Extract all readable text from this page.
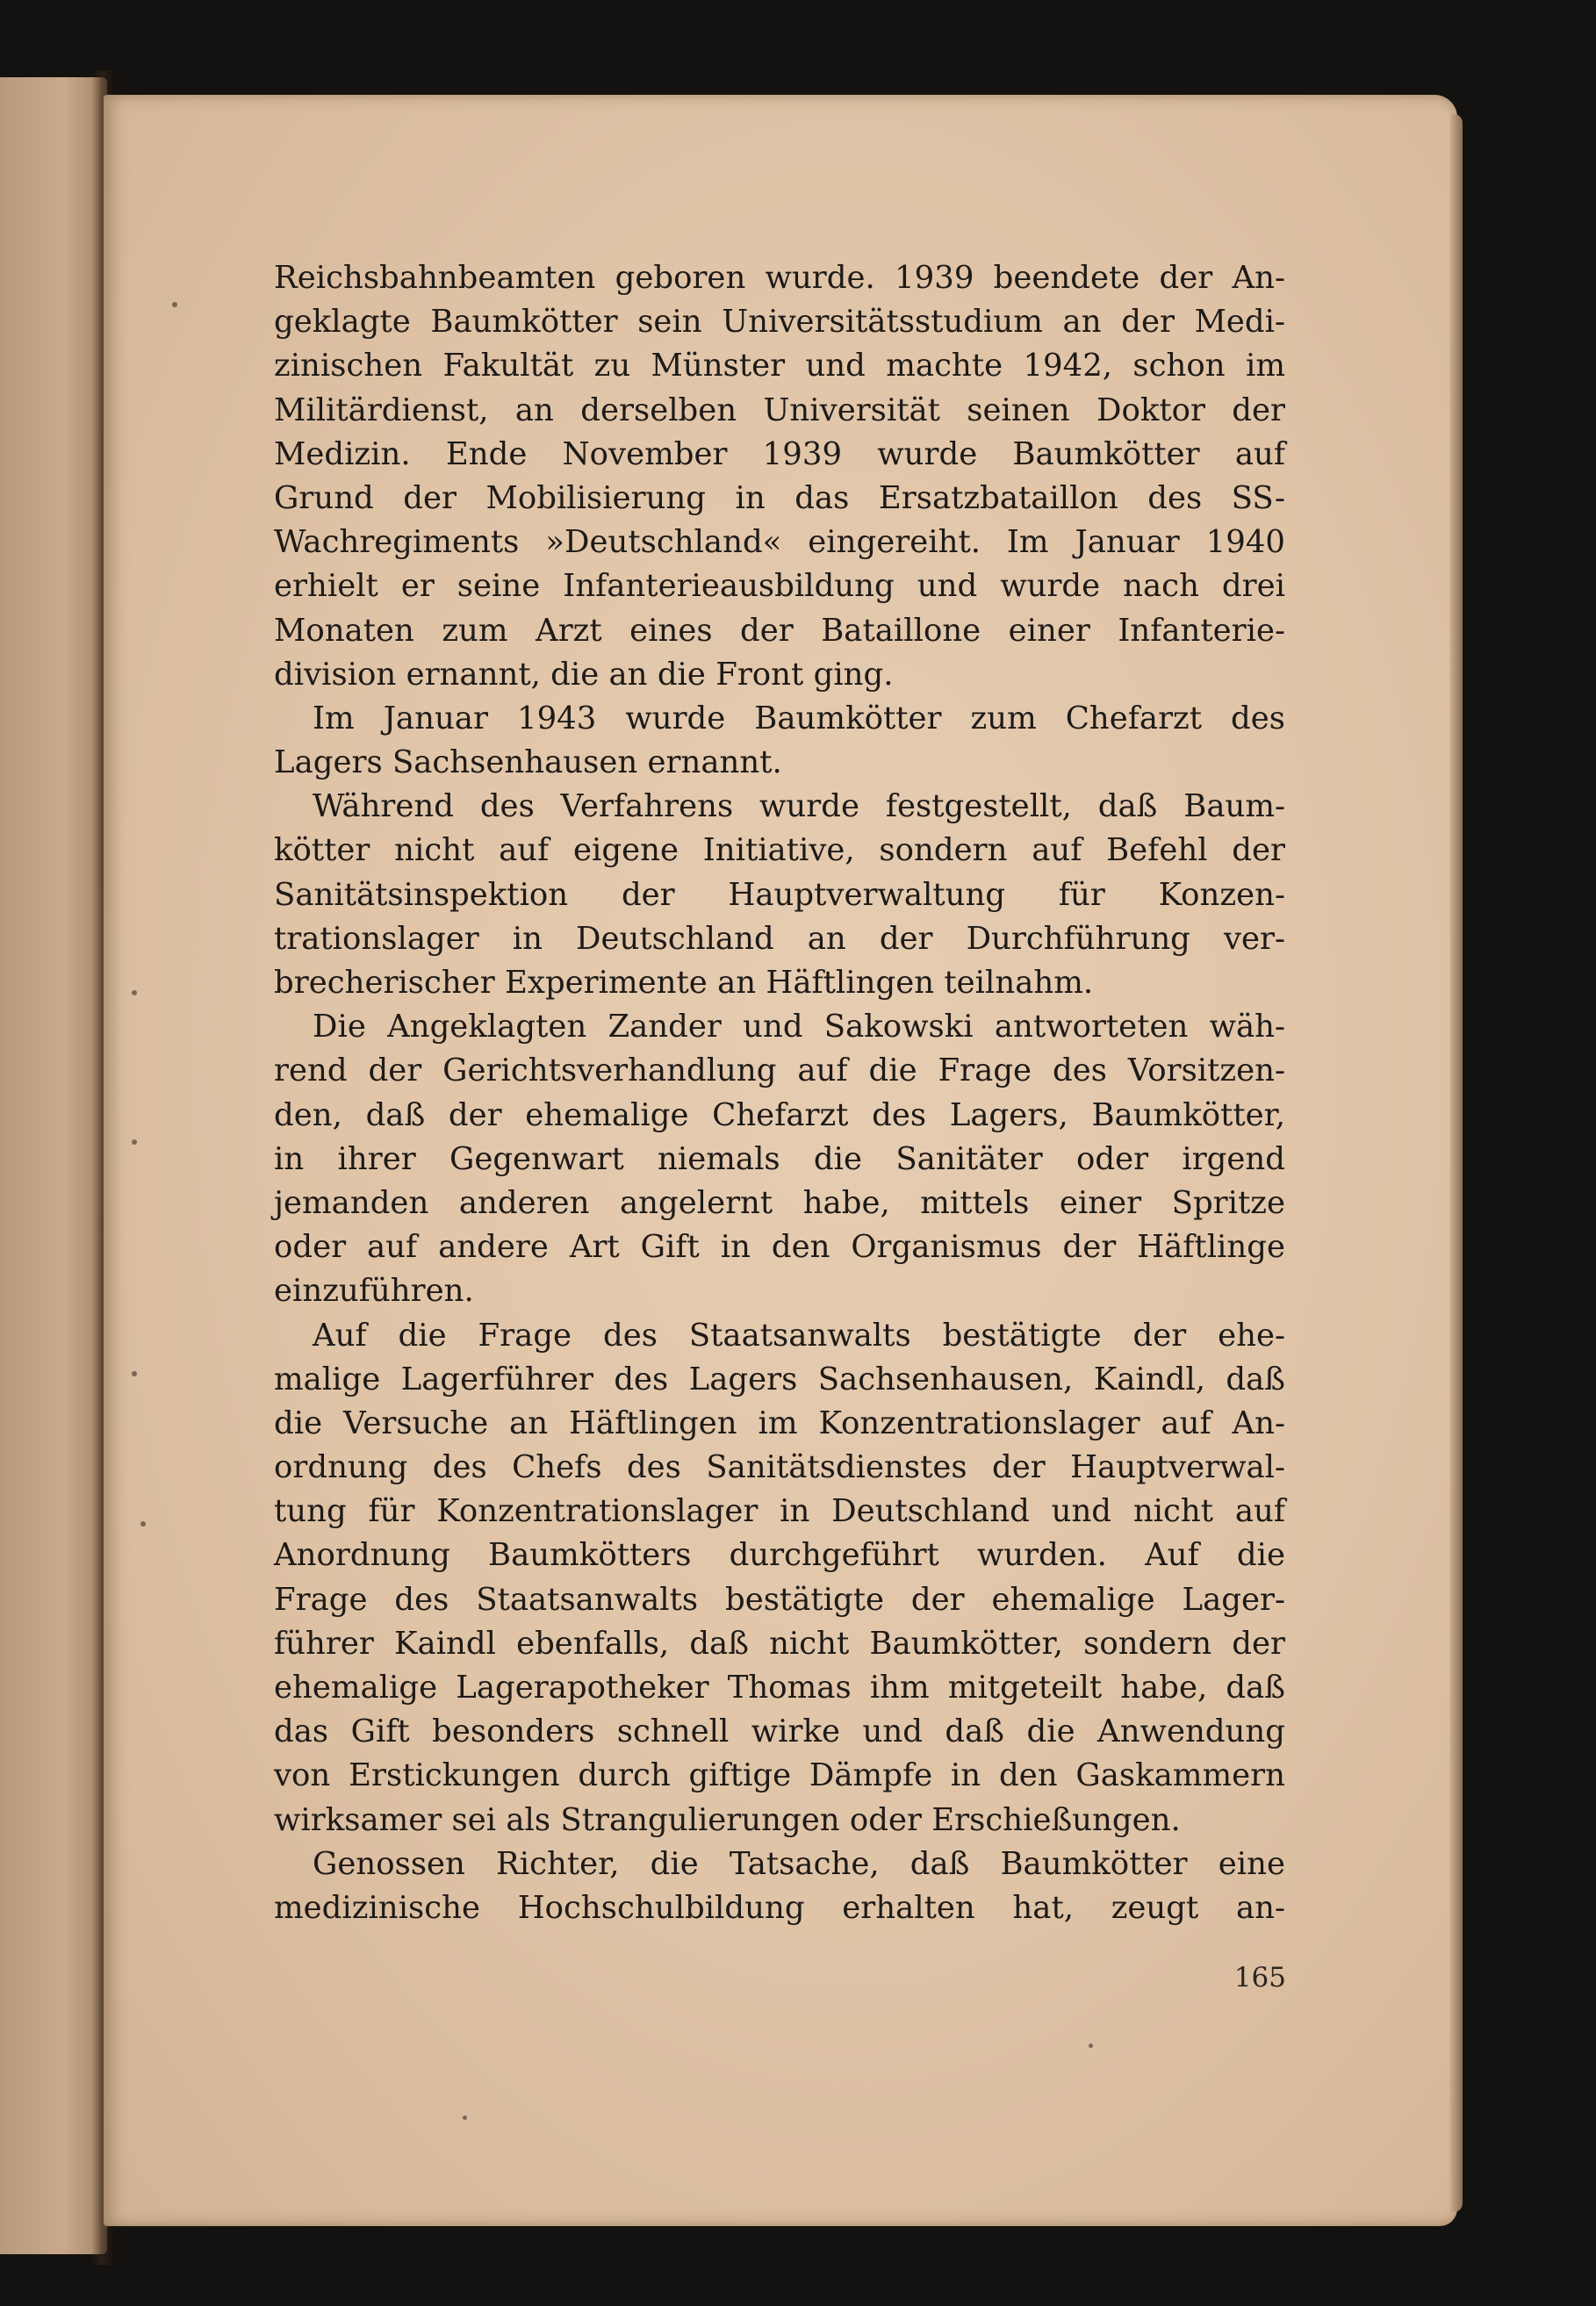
Reichsbahnbeamten geboren wurde. 1939 beendete der An-
geklagte Baumkötter sein Universitätsstudium an der Medi-
zinischen Fakultät zu Münster und machte 1942, schon im
Militärdienst, an derselben Universität seinen Doktor der
Medizin. Ende November 1939 wurde Baumkötter auf
Grund der Mobilisierung in das Ersatzbataillon des SS-
Wachregiments »Deutschland« eingereiht. Im Januar 1940
erhielt er seine Infanterieausbildung und wurde nach drei
Monaten zum Arzt eines der Bataillone einer Infanterie-
division ernannt, die an die Front ging.
Im Januar 1943 wurde Baumkötter zum Chefarzt des
Lagers Sachsenhausen ernannt.
Während des Verfahrens wurde festgestellt, daß Baum-
kötter nicht auf eigene Initiative, sondern auf Befehl der
Sanitätsinspektion der Hauptverwaltung für Konzen-
trationslager in Deutschland an der Durchführung ver-
brecherischer Experimente an Häftlingen teilnahm.
Die Angeklagten Zander und Sakowski antworteten wäh-
rend der Gerichtsverhandlung auf die Frage des Vorsitzen-
den, daß der ehemalige Chefarzt des Lagers, Baumkötter,
in ihrer Gegenwart niemals die Sanitäter oder irgend
jemanden anderen angelernt habe, mittels einer Spritze
oder auf andere Art Gift in den Organismus der Häftlinge
einzuführen.
Auf die Frage des Staatsanwalts bestätigte der ehe-
malige Lagerführer des Lagers Sachsenhausen, Kaindl, daß
die Versuche an Häftlingen im Konzentrationslager auf An-
ordnung des Chefs des Sanitätsdienstes der Hauptverwal-
tung für Konzentrationslager in Deutschland und nicht auf
Anordnung Baumkötters durchgeführt wurden. Auf die
Frage des Staatsanwalts bestätigte der ehemalige Lager-
führer Kaindl ebenfalls, daß nicht Baumkötter, sondern der
ehemalige Lagerapotheker Thomas ihm mitgeteilt habe, daß
das Gift besonders schnell wirke und daß die Anwendung
von Erstickungen durch giftige Dämpfe in den Gaskammern
wirksamer sei als Strangulierungen oder Erschießungen.
Genossen Richter, die Tatsache, daß Baumkötter eine
medizinische Hochschulbildung erhalten hat, zeugt an-
165
